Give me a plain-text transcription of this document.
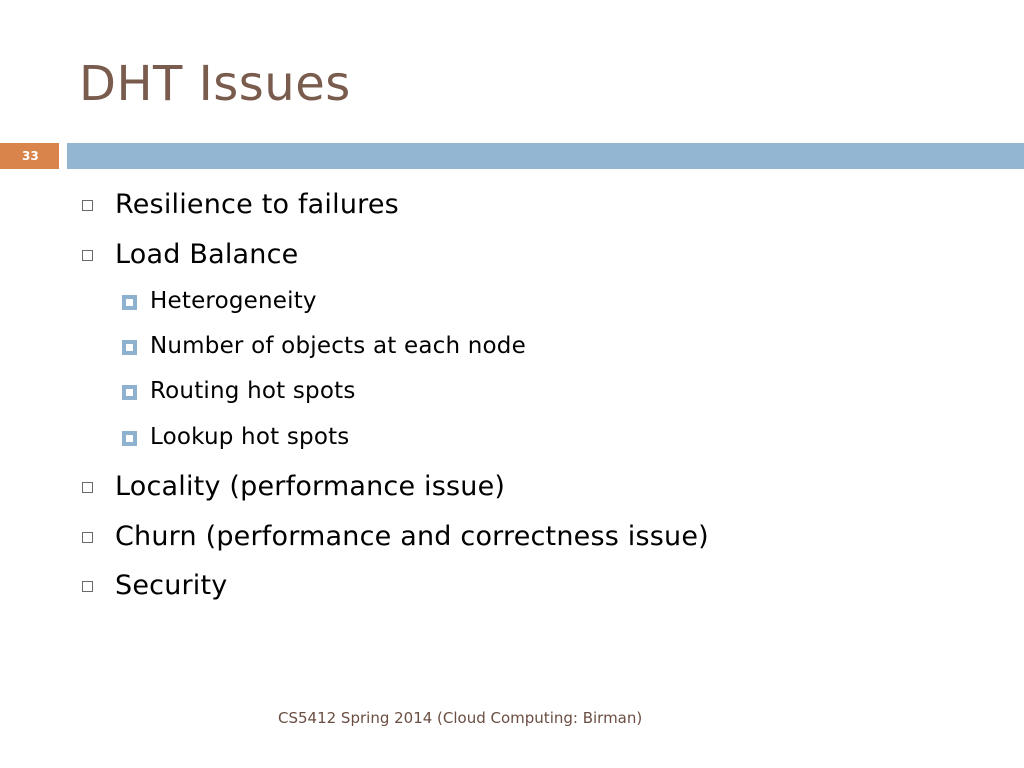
DHT Issues
33
Resilience to failures
Load Balance
Heterogeneity
Number of objects at each node
Routing hot spots
Lookup hot spots
Locality (performance issue)
Churn (performance and correctness issue)
Security
CS5412 Spring 2014 (Cloud Computing: Birman)
